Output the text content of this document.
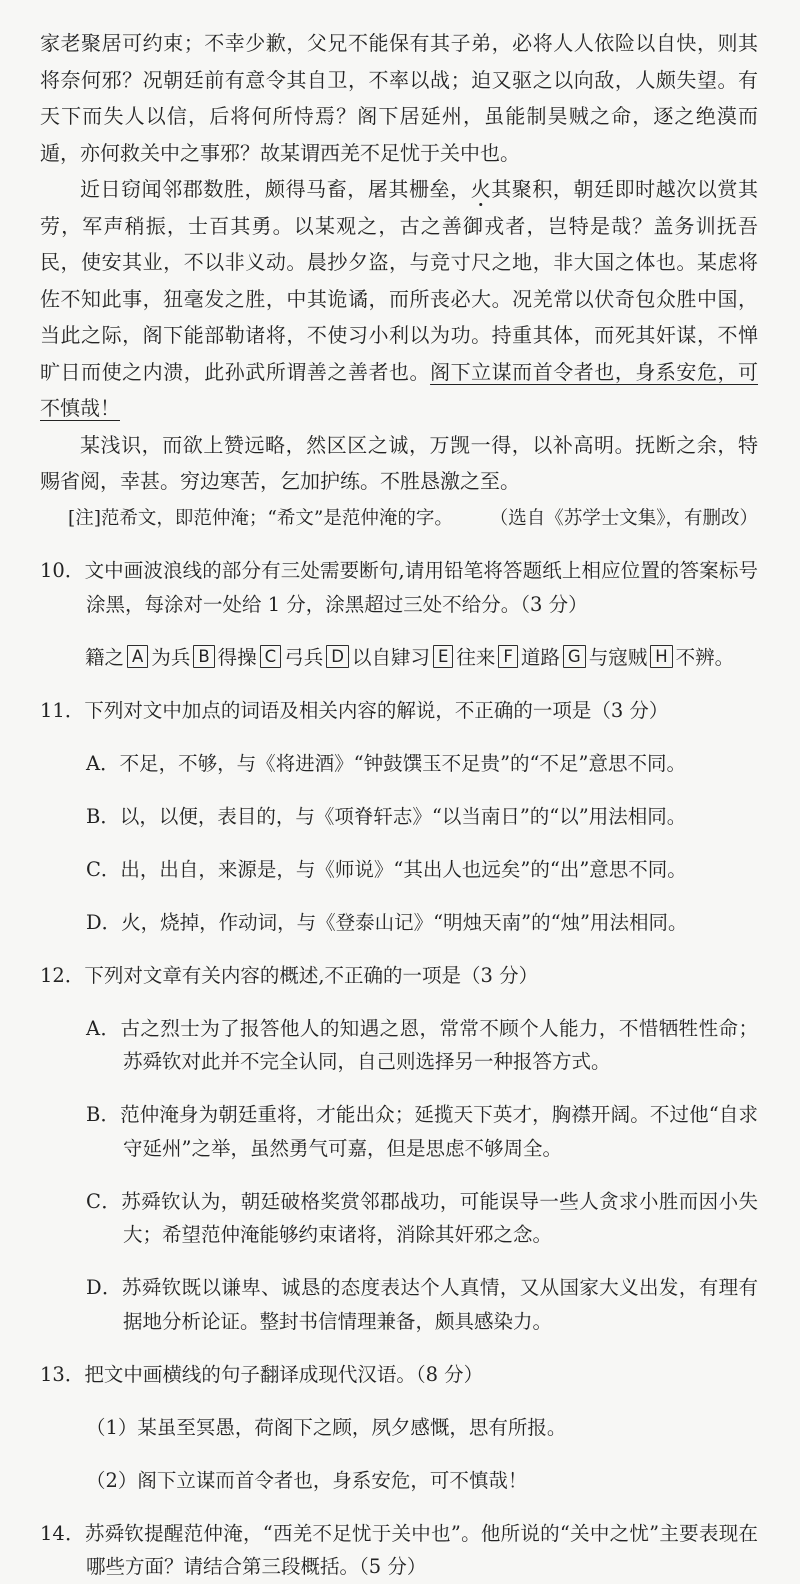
家老聚居可约束；不幸少歉，父兄不能保有其子弟，必将人人依险以自快，则其将奈何邪？况朝廷前有意令其自卫，不率以战；迫又驱之以向敌，人颇失望。有天下而失人以信，后将何所恃焉？阁下居延州，虽能制昊贼之命，逐之绝漠而遁，亦何救关中之事邪？故某谓西羌不足忧于关中也。

近日窃闻邻郡数胜，颇得马畜，屠其栅垒，火其聚积，朝廷即时越次以赏其劳，军声稍振，士百其勇。以某观之，古之善御戎者，岂特是哉？盖务训抚吾民，使安其业，不以非义动。晨抄夕盗，与竞寸尺之地，非大国之体也。某虑将佐不知此事，狃毫发之胜，中其诡谲，而所丧必大。况羌常以伏奇包众胜中国，当此之际，阁下能部勒诸将，不使习小利以为功。持重其体，而死其奸谋，不惮旷日而使之内溃，此孙武所谓善之善者也。阁下立谋而首令者也，身系安危，可不慎哉！

某浅识，而欲上赞远略，然区区之诚，万觊一得，以补高明。抚断之余，特赐省阅，幸甚。穷边寒苦，乞加护练。不胜恳激之至。

[注]范希文，即范仲淹；“希文”是范仲淹的字。 （选自《苏学士文集》，有删改）

10．文中画波浪线的部分有三处需要断句,请用铅笔将答题纸上相应位置的答案标号涂黑，每涂对一处给 1 分，涂黑超过三处不给分。（3 分）

籍之 A 为兵 B 得操 C 弓兵 D 以自肄习 E 往来 F 道路 G 与寇贼 H 不辨。

11．下列对文中加点的词语及相关内容的解说，不正确的一项是（3 分）

A．不足，不够，与《将进酒》“钟鼓馔玉不足贵”的“不足”意思不同。

B．以，以便，表目的，与《项脊轩志》“以当南日”的“以”用法相同。

C．出，出自，来源是，与《师说》“其出人也远矣”的“出”意思不同。

D．火，烧掉，作动词，与《登泰山记》“明烛天南”的“烛”用法相同。

12．下列对文章有关内容的概述,不正确的一项是（3 分）

A．古之烈士为了报答他人的知遇之恩，常常不顾个人能力，不惜牺牲性命；苏舜钦对此并不完全认同，自己则选择另一种报答方式。

B．范仲淹身为朝廷重将，才能出众；延揽天下英才，胸襟开阔。不过他“自求守延州”之举，虽然勇气可嘉，但是思虑不够周全。

C．苏舜钦认为，朝廷破格奖赏邻郡战功，可能误导一些人贪求小胜而因小失大；希望范仲淹能够约束诸将，消除其奸邪之念。

D．苏舜钦既以谦卑、诚恳的态度表达个人真情，又从国家大义出发，有理有据地分析论证。整封书信情理兼备，颇具感染力。

13．把文中画横线的句子翻译成现代汉语。（8 分）

（1）某虽至冥愚，荷阁下之顾，夙夕感慨，思有所报。

（2）阁下立谋而首令者也，身系安危，可不慎哉！

14．苏舜钦提醒范仲淹，“西羌不足忧于关中也”。他所说的“关中之忧”主要表现在哪些方面？请结合第三段概括。（5 分）
